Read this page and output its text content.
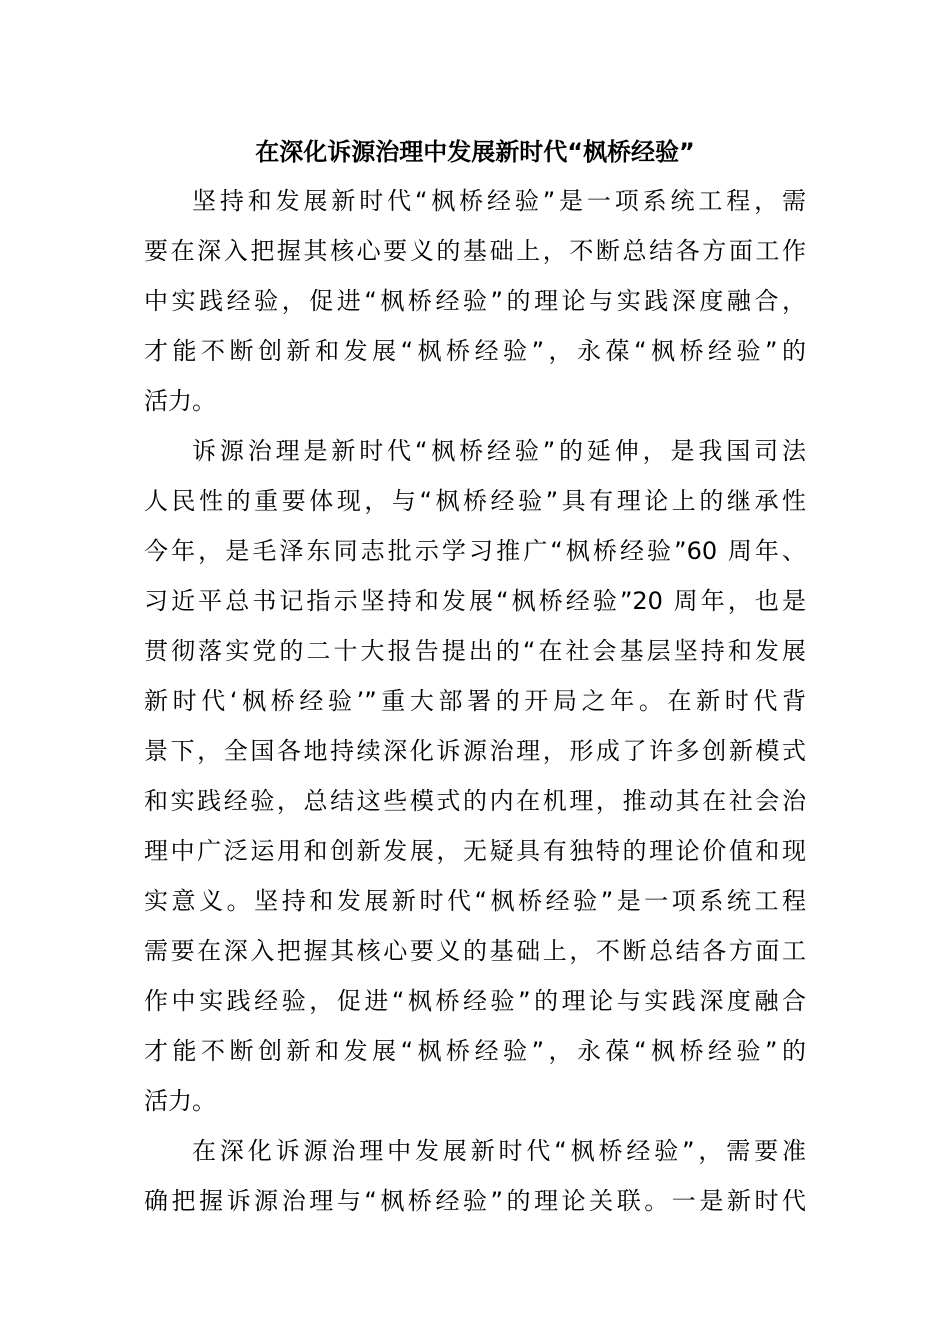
在深化诉源治理中发展新时代“枫桥经验”

坚持和发展新时代“枫桥经验”是一项系统工程，需

要在深入把握其核心要义的基础上，不断总结各方面工作

中实践经验，促进“枫桥经验”的理论与实践深度融合，

才能不断创新和发展“枫桥经验”，永葆“枫桥经验”的

活力。

诉源治理是新时代“枫桥经验”的延伸，是我国司法

人民性的重要体现，与“枫桥经验”具有理论上的继承性

今年，是毛泽东同志批示学习推广“枫桥经验”60 周年、

习近平总书记指示坚持和发展“枫桥经验”20 周年，也是

贯彻落实党的二十大报告提出的“在社会基层坚持和发展

新时代‘枫桥经验’”重大部署的开局之年。在新时代背

景下，全国各地持续深化诉源治理，形成了许多创新模式

和实践经验，总结这些模式的内在机理，推动其在社会治

理中广泛运用和创新发展，无疑具有独特的理论价值和现

实意义。坚持和发展新时代“枫桥经验”是一项系统工程

需要在深入把握其核心要义的基础上，不断总结各方面工

作中实践经验，促进“枫桥经验”的理论与实践深度融合

才能不断创新和发展“枫桥经验”，永葆“枫桥经验”的

活力。

在深化诉源治理中发展新时代“枫桥经验”，需要准

确把握诉源治理与“枫桥经验”的理论关联。一是新时代
